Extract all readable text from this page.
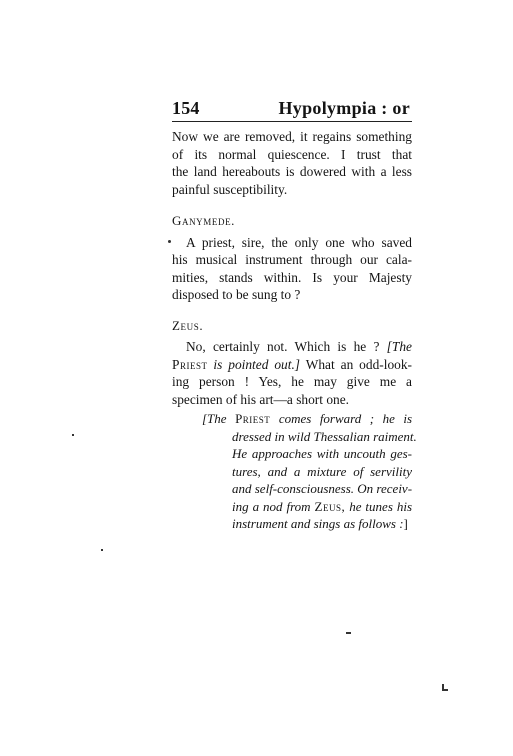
154	Hypolympia : or
Now we are removed, it regains something
of its normal quiescence. I trust that
the land hereabouts is dowered with a less
painful susceptibility.
Ganymede.
A priest, sire, the only one who saved
his musical instrument through our cala-
mities, stands within. Is your Majesty
disposed to be sung to ?
Zeus.
No, certainly not. Which is he ? [The
Priest is pointed out.] What an odd-look-
ing person ! Yes, he may give me a
specimen of his art—a short one.
[The Priest comes forward ; he is
dressed in wild Thessalian raiment.
He approaches with uncouth ges-
tures, and a mixture of servility
and self-consciousness. On receiv-
ing a nod from Zeus, he tunes his
instrument and sings as follows :]
